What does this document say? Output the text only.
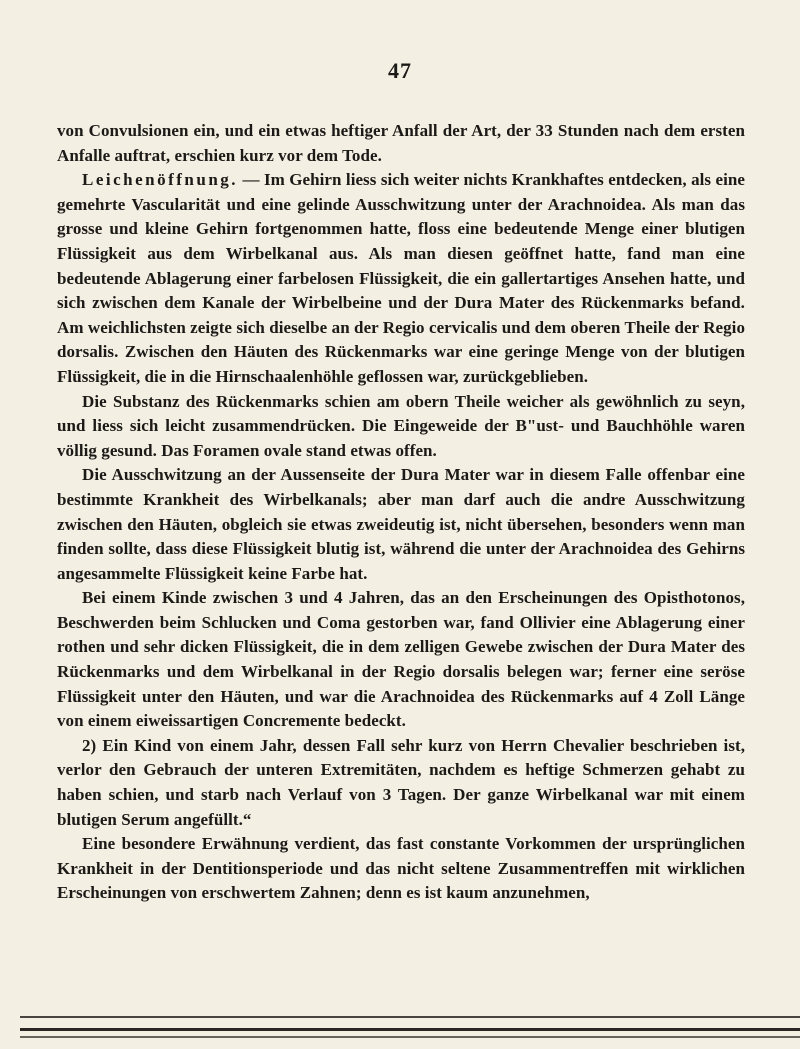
47

von Convulsionen ein, und ein etwas heftiger Anfall der Art, der 33 Stunden nach dem ersten Anfalle auftrat, erschien kurz vor dem Tode.

Leichenöffnung. — Im Gehirn liess sich weiter nichts Krankhaftes entdecken, als eine gemehrte Vascularität und eine gelinde Ausschwitzung unter der Arachnoidea. Als man das grosse und kleine Gehirn fortgenommen hatte, floss eine bedeutende Menge einer blutigen Flüssigkeit aus dem Wirbelkanal aus. Als man diesen geöffnet hatte, fand man eine bedeutende Ablagerung einer farbelosen Flüssigkeit, die ein gallertartiges Ansehen hatte, und sich zwischen dem Kanale der Wirbelbeine und der Dura Mater des Rückenmarks befand. Am weichlichsten zeigte sich dieselbe an der Regio cervicalis und dem oberen Theile der Regio dorsalis. Zwischen den Häuten des Rückenmarks war eine geringe Menge von der blutigen Flüssigkeit, die in die Hirnschaalenhöhle geflossen war, zurückgeblieben.

Die Substanz des Rückenmarks schien am obern Theile weicher als gewöhnlich zu seyn, und liess sich leicht zusammendrücken. Die Eingeweide der B"ust- und Bauchhöhle waren völlig gesund. Das Foramen ovale stand etwas offen.

Die Ausschwitzung an der Aussenseite der Dura Mater war in diesem Falle offenbar eine bestimmte Krankheit des Wirbelkanals; aber man darf auch die andre Ausschwitzung zwischen den Häuten, obgleich sie etwas zweideutig ist, nicht übersehen, besonders wenn man finden sollte, dass diese Flüssigkeit blutig ist, während die unter der Arachnoidea des Gehirns angesammelte Flüssigkeit keine Farbe hat.

Bei einem Kinde zwischen 3 und 4 Jahren, das an den Erscheinungen des Opisthotonos, Beschwerden beim Schlucken und Coma gestorben war, fand Ollivier eine Ablagerung einer rothen und sehr dicken Flüssigkeit, die in dem zelligen Gewebe zwischen der Dura Mater des Rückenmarks und dem Wirbelkanal in der Regio dorsalis belegen war; ferner eine seröse Flüssigkeit unter den Häuten, und war die Arachnoidea des Rückenmarks auf 4 Zoll Länge von einem eiweissartigen Concremente bedeckt.

2) Ein Kind von einem Jahr, dessen Fall sehr kurz von Herrn Chevalier beschrieben ist, verlor den Gebrauch der unteren Extremitäten, nachdem es heftige Schmerzen gehabt zu haben schien, und starb nach Verlauf von 3 Tagen. Der ganze Wirbelkanal war mit einem blutigen Serum angefüllt.“

Eine besondere Erwähnung verdient, das fast constante Vorkommen der ursprünglichen Krankheit in der Dentitionsperiode und das nicht seltene Zusammentreffen mit wirklichen Erscheinungen von erschwertem Zahnen; denn es ist kaum anzunehmen,
